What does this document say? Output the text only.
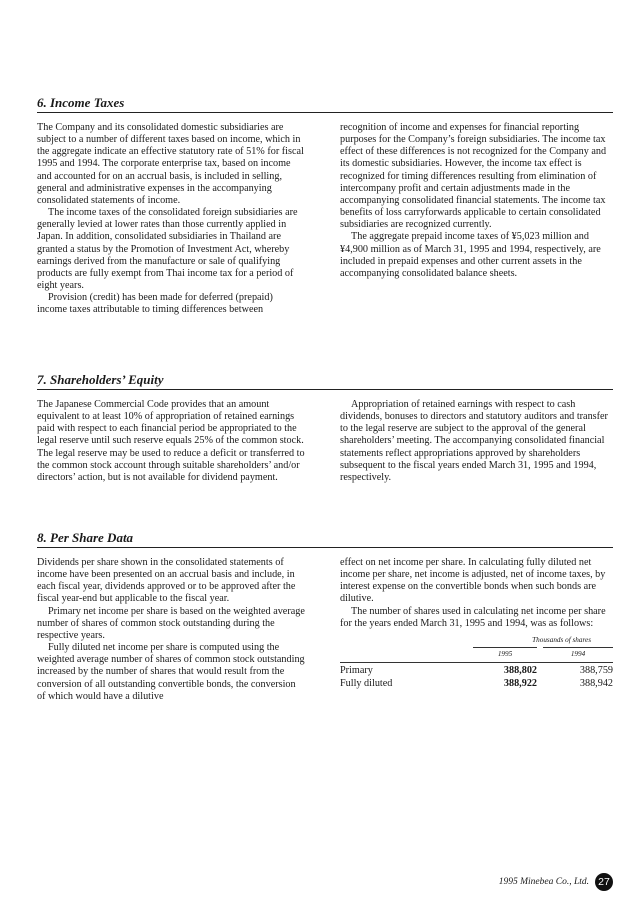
6. Income Taxes

The Company and its consolidated domestic subsidiaries are subject to a number of different taxes based on income, which in the aggregate indicate an effective statutory rate of 51% for fiscal 1995 and 1994. The corporate enterprise tax, based on income and accounted for on an accrual basis, is included in selling, general and administrative expenses in the accompanying consolidated statements of income.

The income taxes of the consolidated foreign subsidiaries are generally levied at lower rates than those currently applied in Japan. In addition, consolidated subsidiaries in Thailand are granted a status by the Promotion of Investment Act, whereby earnings derived from the manufacture or sale of qualifying products are fully exempt from Thai income tax for a period of eight years.

Provision (credit) has been made for deferred (prepaid) income taxes attributable to timing differences between

recognition of income and expenses for financial reporting purposes for the Company’s foreign subsidiaries. The income tax effect of these differences is not recognized for the Company and its domestic subsidiaries. However, the income tax effect is recognized for timing differences resulting from elimination of intercompany profit and certain adjustments made in the accompanying consolidated financial statements. The income tax benefits of loss carryforwards applicable to certain consolidated subsidiaries are recognized currently.

The aggregate prepaid income taxes of ¥5,023 million and ¥4,900 million as of March 31, 1995 and 1994, respectively, are included in prepaid expenses and other current assets in the accompanying consolidated balance sheets.

7. Shareholders’ Equity

The Japanese Commercial Code provides that an amount equivalent to at least 10% of appropriation of retained earnings paid with respect to each financial period be appropriated to the legal reserve until such reserve equals 25% of the common stock. The legal reserve may be used to reduce a deficit or transferred to the common stock account through suitable shareholders’ and/or directors’ action, but is not available for dividend payment.

Appropriation of retained earnings with respect to cash dividends, bonuses to directors and statutory auditors and transfer to the legal reserve are subject to the approval of the general shareholders’ meeting. The accompanying consolidated financial statements reflect appropriations approved by shareholders subsequent to the fiscal years ended March 31, 1995 and 1994, respectively.

8. Per Share Data

Dividends per share shown in the consolidated statements of income have been presented on an accrual basis and include, in each fiscal year, dividends approved or to be approved after the fiscal year-end but applicable to the fiscal year.

Primary net income per share is based on the weighted average number of shares of common stock outstanding during the respective years.

Fully diluted net income per share is computed using the weighted average number of shares of common stock outstanding increased by the number of shares that would result from the conversion of all outstanding convertible bonds, the conversion of which would have a dilutive

effect on net income per share. In calculating fully diluted net income per share, net income is adjusted, net of income taxes, by interest expense on the convertible bonds when such bonds are dilutive.

The number of shares used in calculating net income per share for the years ended March 31, 1995 and 1994, was as follows:

Thousands of shares
1995	1994
Primary	388,802	388,759
Fully diluted	388,922	388,942
1995 Minebea Co., Ltd. 27
